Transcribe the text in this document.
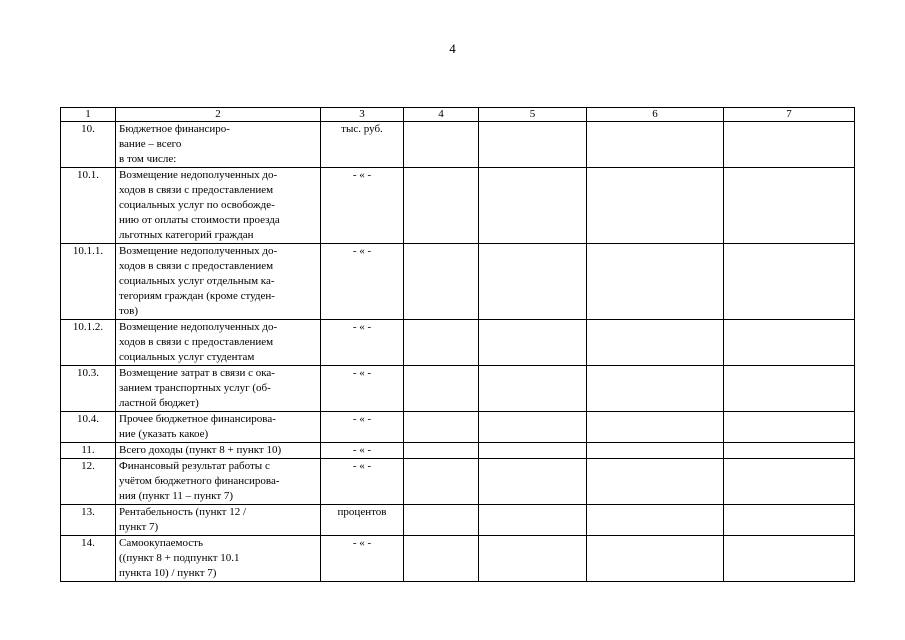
4
1	2	3	4	5	6	7
10.	Бюджетное финансиро-
вание – всего
в том числе:	тыс. руб.				
10.1.	Возмещение недополученных до-
ходов в связи с предоставлением
социальных услуг по освобожде-
нию от оплаты стоимости проезда
льготных категорий граждан	- « -				
10.1.1.	Возмещение недополученных до-
ходов в связи с предоставлением
социальных услуг отдельным ка-
тегориям граждан (кроме студен-
тов)	- « -				
10.1.2.	Возмещение недополученных до-
ходов в связи с предоставлением
социальных услуг студентам	- « -				
10.3.	Возмещение затрат в связи с ока-
занием транспортных услуг (об-
ластной бюджет)	- « -				
10.4.	Прочее бюджетное финансирова-
ние (указать какое)	- « -				
11.	Всего доходы (пункт 8 + пункт 10)	- « -				
12.	Финансовый результат работы с
учётом бюджетного финансирова-
ния (пункт 11 – пункт 7)	- « -				
13.	Рентабельность (пункт 12 /
пункт 7)	процентов				
14.	Самоокупаемость
((пункт 8 + подпункт 10.1
пункта 10) / пункт 7)	- « -				
